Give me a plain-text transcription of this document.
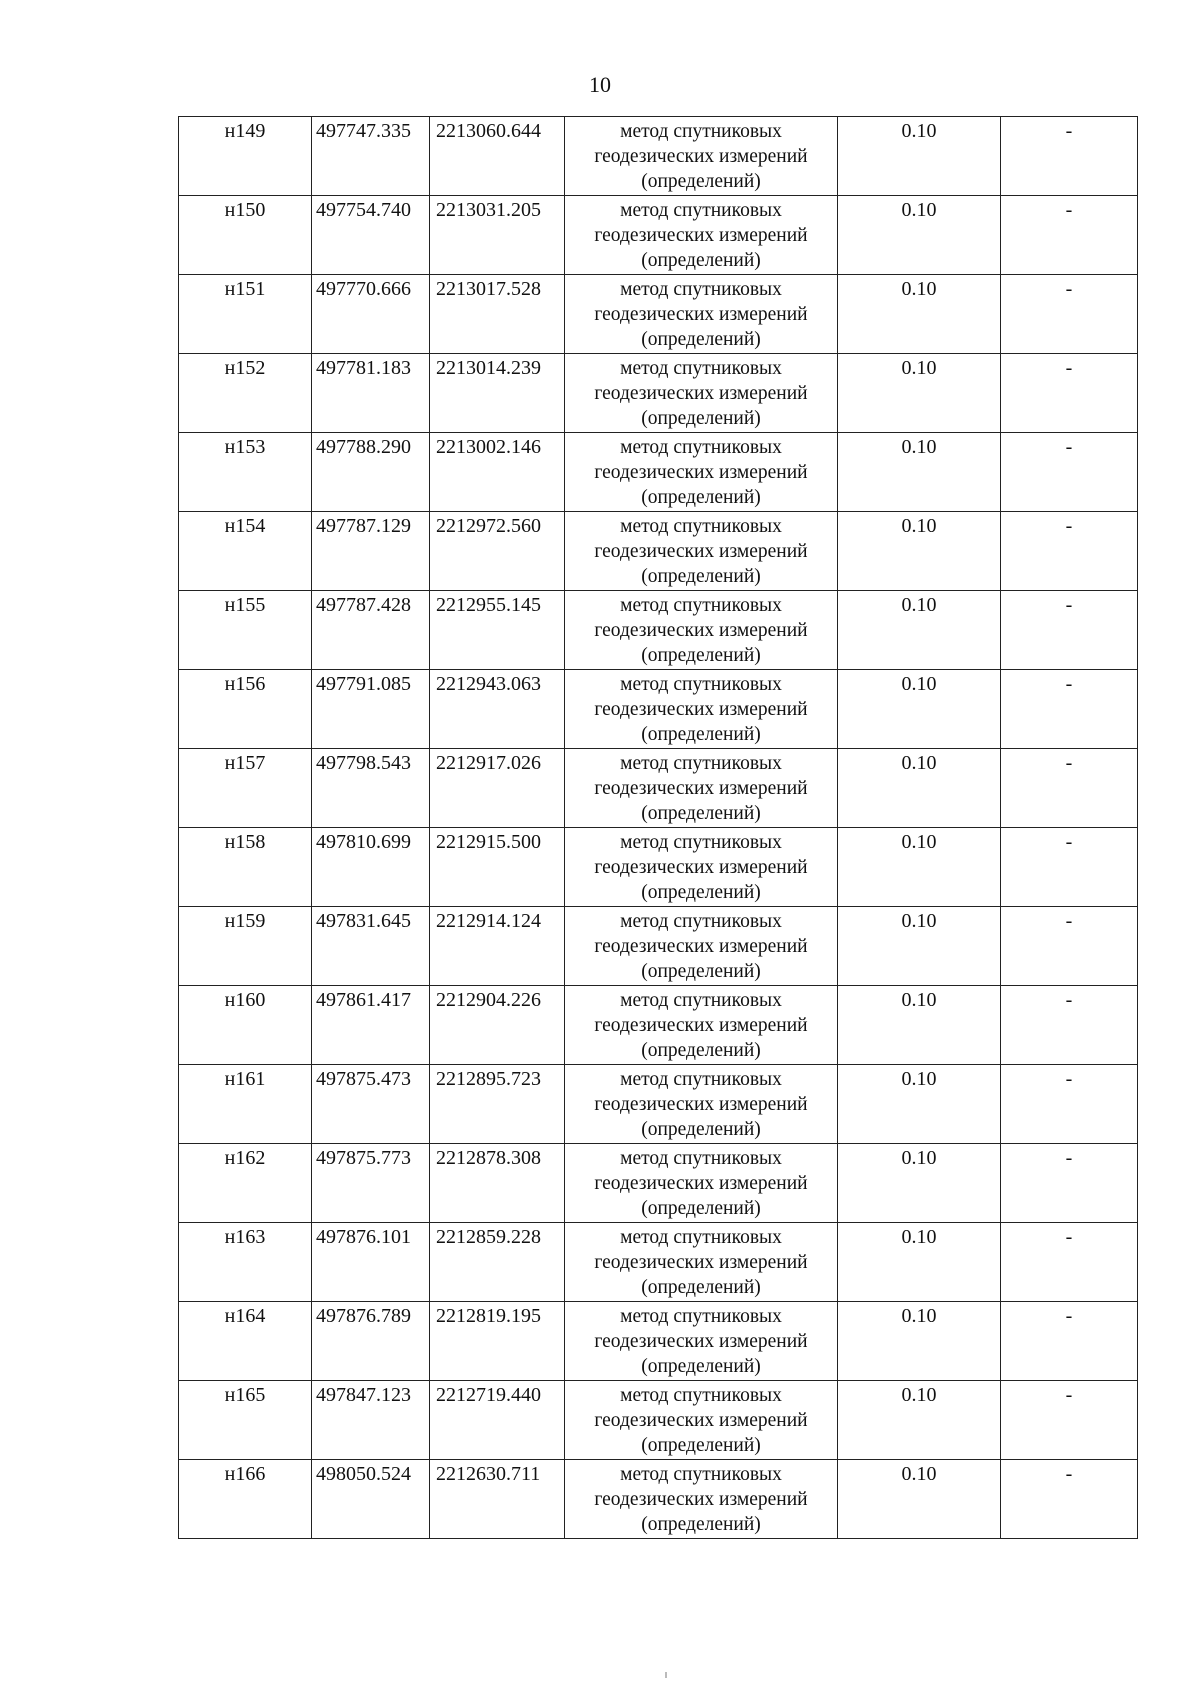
10
н149	497747.335	2213060.644	метод спутниковых
геодезических измерений
(определений)	0.10	-
н150	497754.740	2213031.205	метод спутниковых
геодезических измерений
(определений)	0.10	-
н151	497770.666	2213017.528	метод спутниковых
геодезических измерений
(определений)	0.10	-
н152	497781.183	2213014.239	метод спутниковых
геодезических измерений
(определений)	0.10	-
н153	497788.290	2213002.146	метод спутниковых
геодезических измерений
(определений)	0.10	-
н154	497787.129	2212972.560	метод спутниковых
геодезических измерений
(определений)	0.10	-
н155	497787.428	2212955.145	метод спутниковых
геодезических измерений
(определений)	0.10	-
н156	497791.085	2212943.063	метод спутниковых
геодезических измерений
(определений)	0.10	-
н157	497798.543	2212917.026	метод спутниковых
геодезических измерений
(определений)	0.10	-
н158	497810.699	2212915.500	метод спутниковых
геодезических измерений
(определений)	0.10	-
н159	497831.645	2212914.124	метод спутниковых
геодезических измерений
(определений)	0.10	-
н160	497861.417	2212904.226	метод спутниковых
геодезических измерений
(определений)	0.10	-
н161	497875.473	2212895.723	метод спутниковых
геодезических измерений
(определений)	0.10	-
н162	497875.773	2212878.308	метод спутниковых
геодезических измерений
(определений)	0.10	-
н163	497876.101	2212859.228	метод спутниковых
геодезических измерений
(определений)	0.10	-
н164	497876.789	2212819.195	метод спутниковых
геодезических измерений
(определений)	0.10	-
н165	497847.123	2212719.440	метод спутниковых
геодезических измерений
(определений)	0.10	-
н166	498050.524	2212630.711	метод спутниковых
геодезических измерений
(определений)	0.10	-
